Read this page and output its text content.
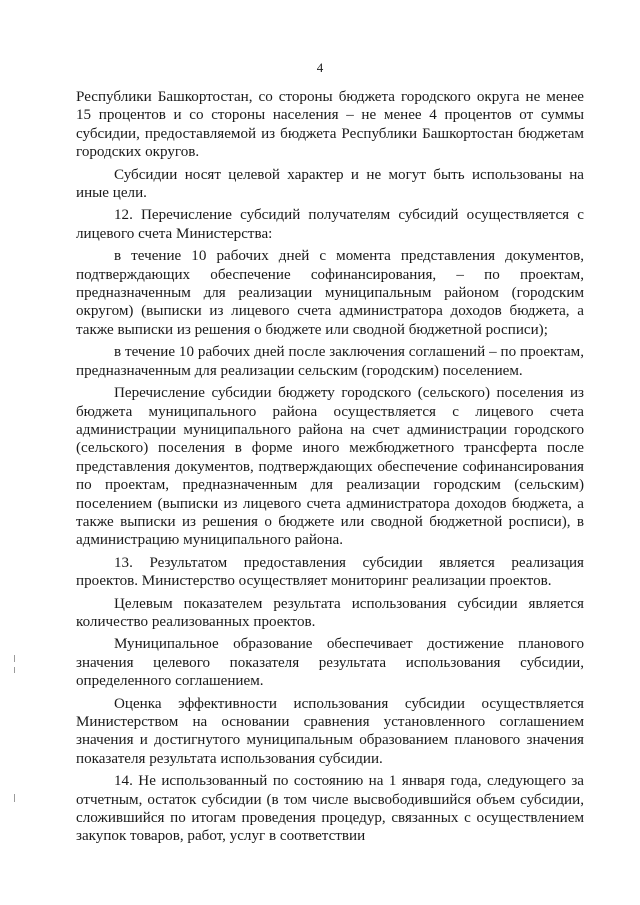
4

Республики Башкортостан, со стороны бюджета городского округа не менее 15 процентов и со стороны населения – не менее 4 процентов от суммы субсидии, предоставляемой из бюджета Республики Башкортостан бюджетам городских округов.

Субсидии носят целевой характер и не могут быть использованы на иные цели.

12. Перечисление субсидий получателям субсидий осуществляется с лицевого счета Министерства:

в течение 10 рабочих дней с момента представления документов, подтверждающих обеспечение софинансирования, – по проектам, предназначенным для реализации муниципальным районом (городским округом) (выписки из лицевого счета администратора доходов бюджета, а также выписки из решения о бюджете или сводной бюджетной росписи);

в течение 10 рабочих дней после заключения соглашений – по проектам, предназначенным для реализации сельским (городским) поселением.

Перечисление субсидии бюджету городского (сельского) поселения из бюджета муниципального района осуществляется с лицевого счета администрации муниципального района на счет администрации городского (сельского) поселения в форме иного межбюджетного трансферта после представления документов, подтверждающих обеспечение софинансирования по проектам, предназначенным для реализации городским (сельским) поселением (выписки из лицевого счета администратора доходов бюджета, а также выписки из решения о бюджете или сводной бюджетной росписи), в администрацию муниципального района.

13. Результатом предоставления субсидии является реализация проектов. Министерство осуществляет мониторинг реализации проектов.

Целевым показателем результата использования субсидии является количество реализованных проектов.

Муниципальное образование обеспечивает достижение планового значения целевого показателя результата использования субсидии, определенного соглашением.

Оценка эффективности использования субсидии осуществляется Министерством на основании сравнения установленного соглашением значения и достигнутого муниципальным образованием планового значения показателя результата использования субсидии.

14. Не использованный по состоянию на 1 января года, следующего за отчетным, остаток субсидии (в том числе высвободившийся объем субсидии, сложившийся по итогам проведения процедур, связанных с осуществлением закупок товаров, работ, услуг в соответствии
